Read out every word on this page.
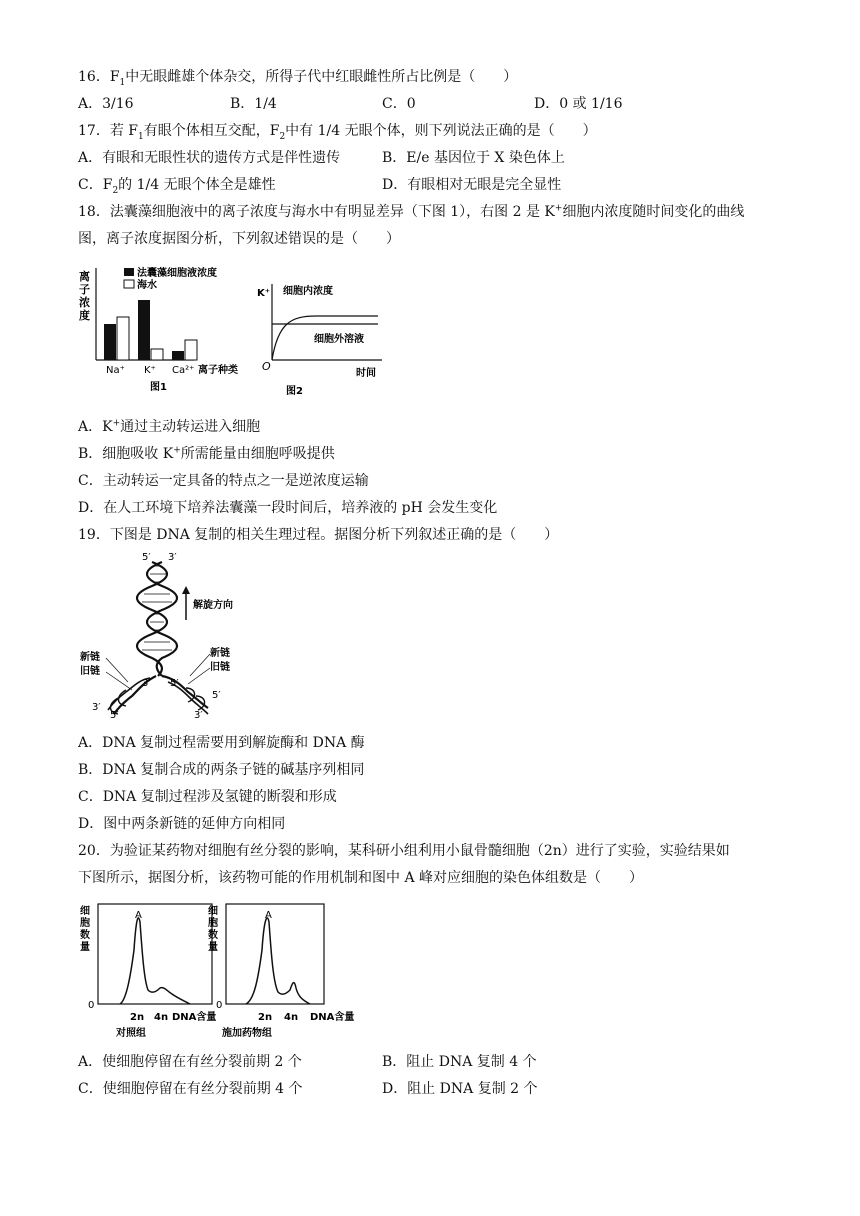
16．$F_1$中无眼雌雄个体杂交，所得子代中红眼雌性所占比例是（　　）
A．3/16	B．1/4	C．0	D．0 或 1/16
17．若 $F_1$有眼个体相互交配，$F_2$中有 1/4 无眼个体，则下列说法正确的是（　　）
A．有眼和无眼性状的遗传方式是伴性遗传	B．E/e 基因位于 X 染色体上
C．$F_2$的 1/4 无眼个体全是雄性	D．有眼相对无眼是完全显性
18．法囊藻细胞液中的离子浓度与海水中有明显差异（下图 1），右图 2 是 K+细胞内浓度随时间变化的曲线
图，离子浓度据图分析，下列叙述错误的是（　　）
离
子
浓
度
法囊藻细胞液浓度
海水
Na⁺ K⁺ Ca²⁺ 离子种类
图1
K⁺ 细胞内浓度
细胞外溶液
O
时间
图2
A．K+通过主动转运进入细胞
B．细胞吸收 K+所需能量由细胞呼吸提供
C．主动转运一定具备的特点之一是逆浓度运输
D．在人工环境下培养法囊藻一段时间后，培养液的 pH 会发生变化
19．下图是 DNA 复制的相关生理过程。据图分析下列叙述正确的是（　　）
5′ 3′
解旋方向
新链
旧链
新链
旧链
3′ 5′
3′
5′
5′
3′
A．DNA 复制过程需要用到解旋酶和 DNA 酶
B．DNA 复制合成的两条子链的碱基序列相同
C．DNA 复制过程涉及氢键的断裂和形成
D．图中两条新链的延伸方向相同
20．为验证某药物对细胞有丝分裂的影响，某科研小组利用小鼠骨髓细胞（2n）进行了实验，实验结果如
下图所示，据图分析，该药物可能的作用机制和图中 A 峰对应细胞的染色体组数是（　　）
细
胞
数
量
A
0
2n 4n DNA含量
对照组
细
胞
数
量
A
0
2n 4n DNA含量
施加药物组
A．使细胞停留在有丝分裂前期 2 个	B．阻止 DNA 复制 4 个
C．使细胞停留在有丝分裂前期 4 个	D．阻止 DNA 复制 2 个
